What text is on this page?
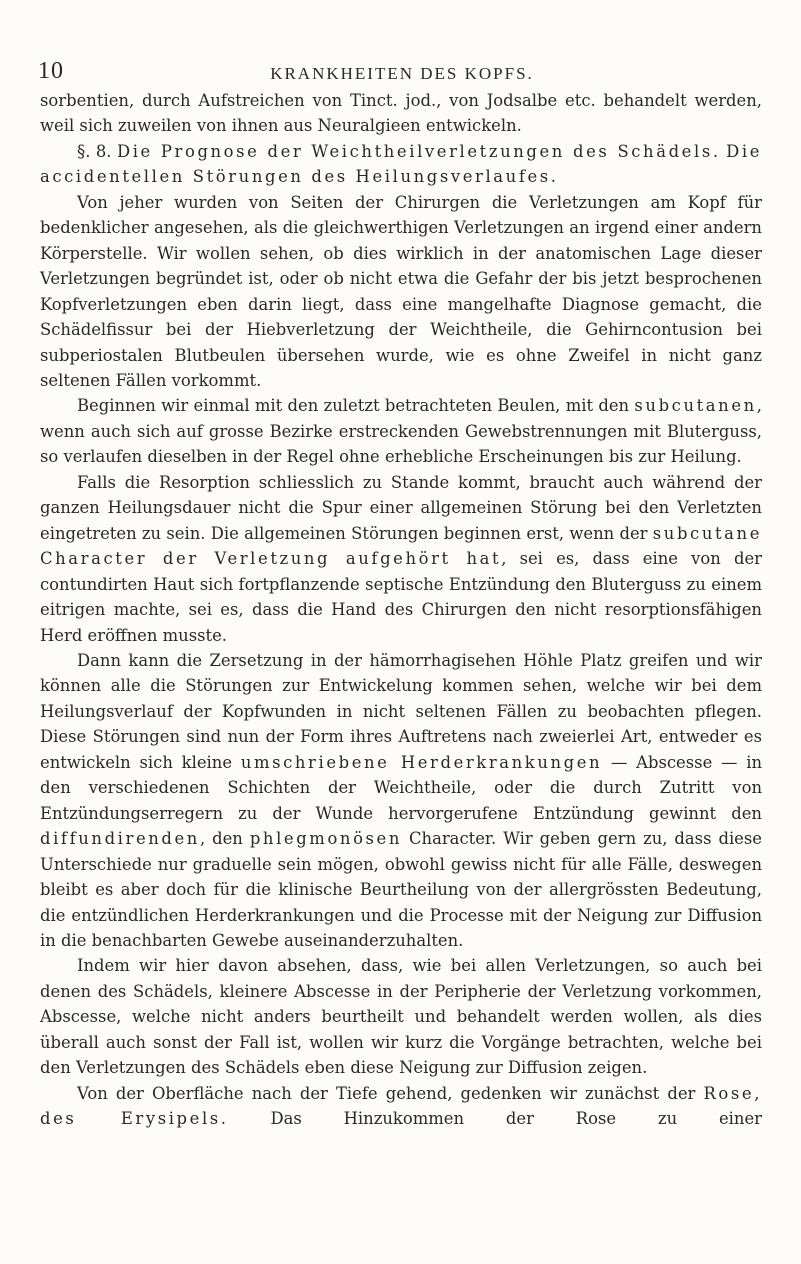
10	KRANKHEITEN DES KOPFS.

sorbentien, durch Aufstreichen von Tinct. jod., von Jodsalbe etc. behandelt werden, weil sich zuweilen von ihnen aus Neuralgieen entwickeln.

§. 8. Die Prognose der Weichtheilverletzungen des Schädels. Die accidentellen Störungen des Heilungsverlaufes.

Von jeher wurden von Seiten der Chirurgen die Verletzungen am Kopf für bedenklicher angesehen, als die gleichwerthigen Verletzungen an irgend einer andern Körperstelle. Wir wollen sehen, ob dies wirklich in der anatomischen Lage dieser Verletzungen begründet ist, oder ob nicht etwa die Gefahr der bis jetzt besprochenen Kopfverletzungen eben darin liegt, dass eine mangelhafte Diagnose gemacht, die Schädelfissur bei der Hiebverletzung der Weichtheile, die Gehirncontusion bei subperiostalen Blutbeulen übersehen wurde, wie es ohne Zweifel in nicht ganz seltenen Fällen vorkommt.

Beginnen wir einmal mit den zuletzt betrachteten Beulen, mit den subcutanen, wenn auch sich auf grosse Bezirke erstreckenden Gewebstrennungen mit Bluterguss, so verlaufen dieselben in der Regel ohne erhebliche Erscheinungen bis zur Heilung.

Falls die Resorption schliesslich zu Stande kommt, braucht auch während der ganzen Heilungsdauer nicht die Spur einer allgemeinen Störung bei den Verletzten eingetreten zu sein. Die allgemeinen Störungen beginnen erst, wenn der subcutane Character der Verletzung aufgehört hat, sei es, dass eine von der contundirten Haut sich fortpflanzende septische Entzündung den Bluterguss zu einem eitrigen machte, sei es, dass die Hand des Chirurgen den nicht resorptionsfähigen Herd eröffnen musste.

Dann kann die Zersetzung in der hämorrhagisehen Höhle Platz greifen und wir können alle die Störungen zur Entwickelung kommen sehen, welche wir bei dem Heilungsverlauf der Kopfwunden in nicht seltenen Fällen zu beobachten pflegen. Diese Störungen sind nun der Form ihres Auftretens nach zweierlei Art, entweder es entwickeln sich kleine umschriebene Herderkrankungen — Abscesse — in den verschiedenen Schichten der Weichtheile, oder die durch Zutritt von Entzündungserregern zu der Wunde hervorgerufene Entzündung gewinnt den diffundirenden, den phlegmonösen Character. Wir geben gern zu, dass diese Unterschiede nur graduelle sein mögen, obwohl gewiss nicht für alle Fälle, deswegen bleibt es aber doch für die klinische Beurtheilung von der allergrössten Bedeutung, die entzündlichen Herderkrankungen und die Processe mit der Neigung zur Diffusion in die benachbarten Gewebe auseinanderzuhalten.

Indem wir hier davon absehen, dass, wie bei allen Verletzungen, so auch bei denen des Schädels, kleinere Abscesse in der Peripherie der Verletzung vorkommen, Abscesse, welche nicht anders beurtheilt und behandelt werden wollen, als dies überall auch sonst der Fall ist, wollen wir kurz die Vorgänge betrachten, welche bei den Verletzungen des Schädels eben diese Neigung zur Diffusion zeigen.

Von der Oberfläche nach der Tiefe gehend, gedenken wir zunächst der Rose, des Erysipels.	Das Hinzukommen der Rose zu einer
